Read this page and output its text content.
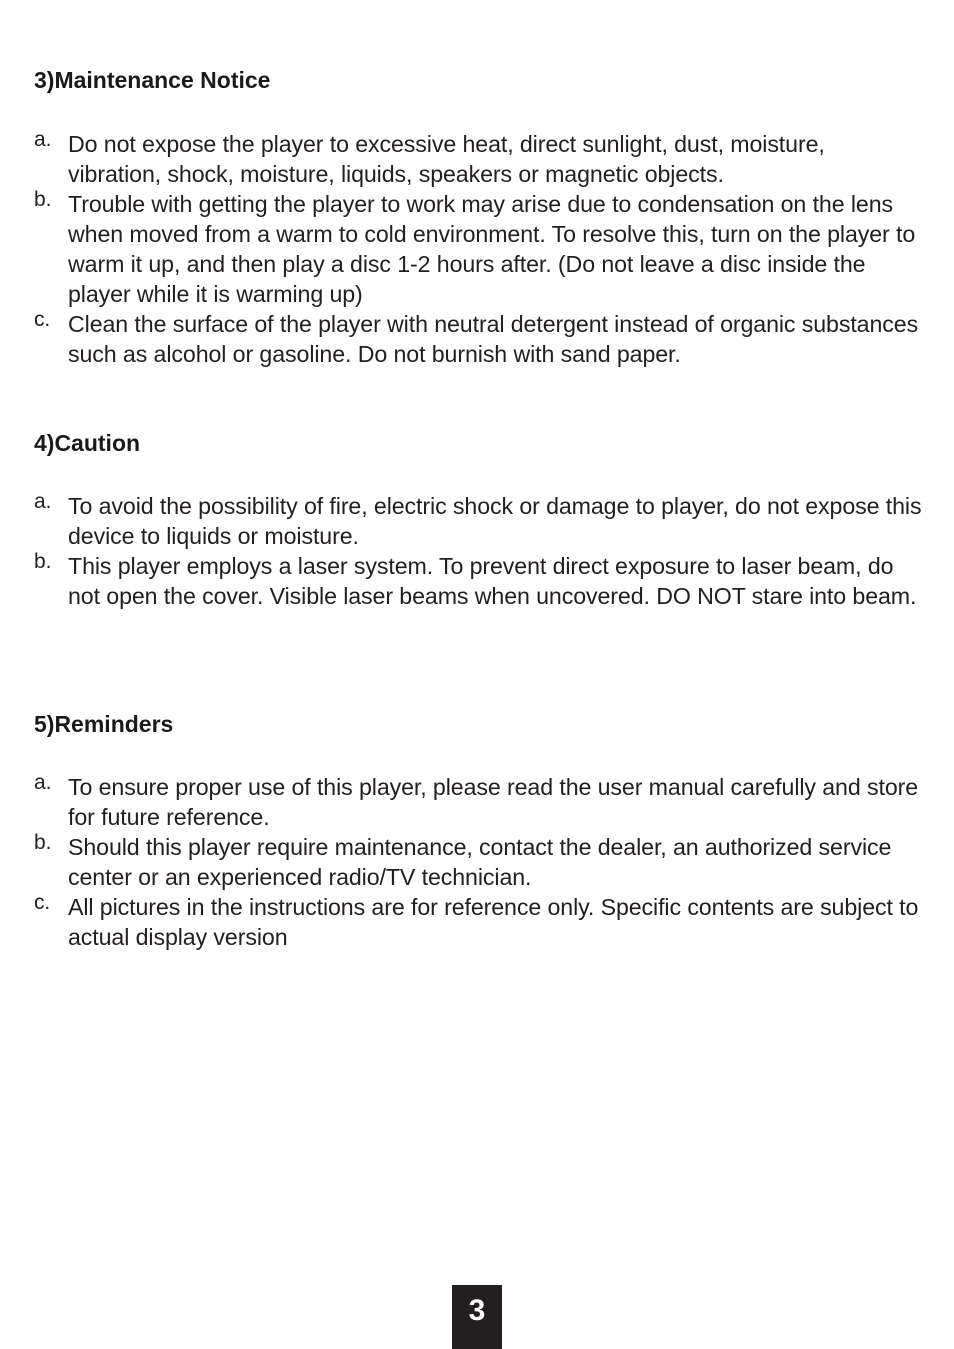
3)Maintenance Notice
a. Do not expose the player to excessive heat, direct sunlight, dust, moisture, vibration, shock, moisture, liquids, speakers or magnetic objects.
b. Trouble with getting the player to work may arise due to condensation on the lens when moved from a warm to cold environment. To resolve this, turn on the player to warm it up, and then play a disc 1-2 hours after. (Do not leave a disc inside the player while it is warming up)
c. Clean the surface of the player with neutral detergent instead of organic substances such as alcohol or gasoline. Do not burnish with sand paper.
4)Caution
a. To avoid the possibility of fire, electric shock or damage to player, do not expose this device to liquids or moisture.
b. This player employs a laser system. To prevent direct exposure to laser beam, do not open the cover. Visible laser beams when uncovered. DO NOT stare into beam.
5)Reminders
a. To ensure proper use of this player, please read the user manual carefully and store for future reference.
b. Should this player require maintenance, contact the dealer, an authorized service center or an experienced radio/TV technician.
c. All pictures in the instructions are for reference only. Specific contents are subject to actual display version
3
